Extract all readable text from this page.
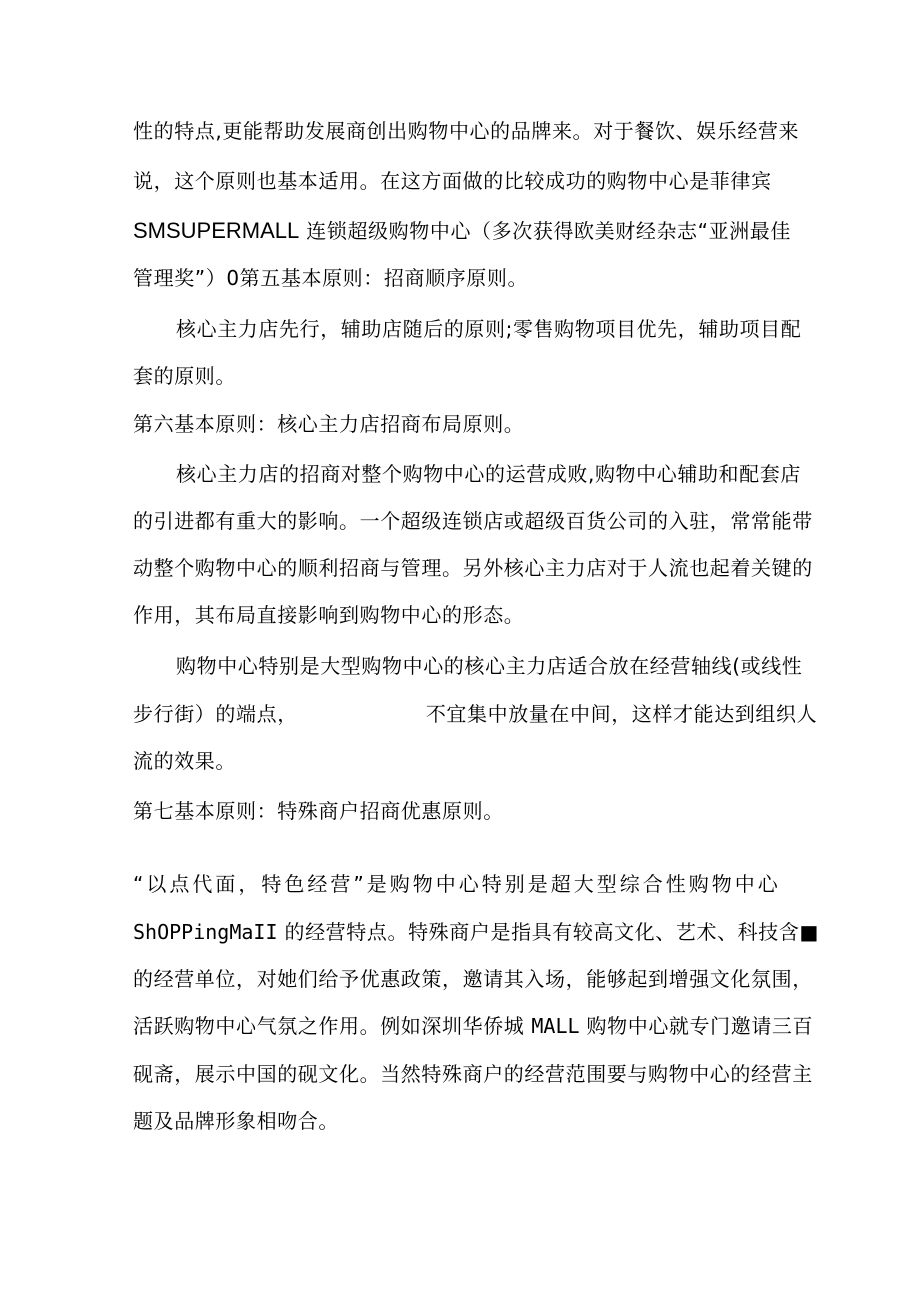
性的特点,更能帮助发展商创出购物中心的品牌来。对于餐饮、娱乐经营来
说，这个原则也基本适用。在这方面做的比较成功的购物中心是菲律宾
SMSUPERMALL 连锁超级购物中心（多次获得欧美财经杂志“亚洲最佳
管理奖”）0第五基本原则：招商顺序原则。
核心主力店先行，辅助店随后的原则;零售购物项目优先，辅助项目配
套的原则。
第六基本原则：核心主力店招商布局原则。
核心主力店的招商对整个购物中心的运营成败,购物中心辅助和配套店
的引进都有重大的影响。一个超级连锁店或超级百货公司的入驻，常常能带
动整个购物中心的顺利招商与管理。另外核心主力店对于人流也起着关键的
作用，其布局直接影响到购物中心的形态。
购物中心特别是大型购物中心的核心主力店适合放在经营轴线(或线性
步行街）的端点，	不宜集中放量在中间，这样才能达到组织人
流的效果。
第七基本原则：特殊商户招商优惠原则。
“以点代面，特色经营”是购物中心特别是超大型综合性购物中心
ShOPPingMaII 的经营特点。特殊商户是指具有较高文化、艺术、科技含■
的经营单位，对她们给予优惠政策，邀请其入场，能够起到增强文化氛围，
活跃购物中心气氛之作用。例如深圳华侨城 MALL 购物中心就专门邀请三百
砚斋，展示中国的砚文化。当然特殊商户的经营范围要与购物中心的经营主
题及品牌形象相吻合。
